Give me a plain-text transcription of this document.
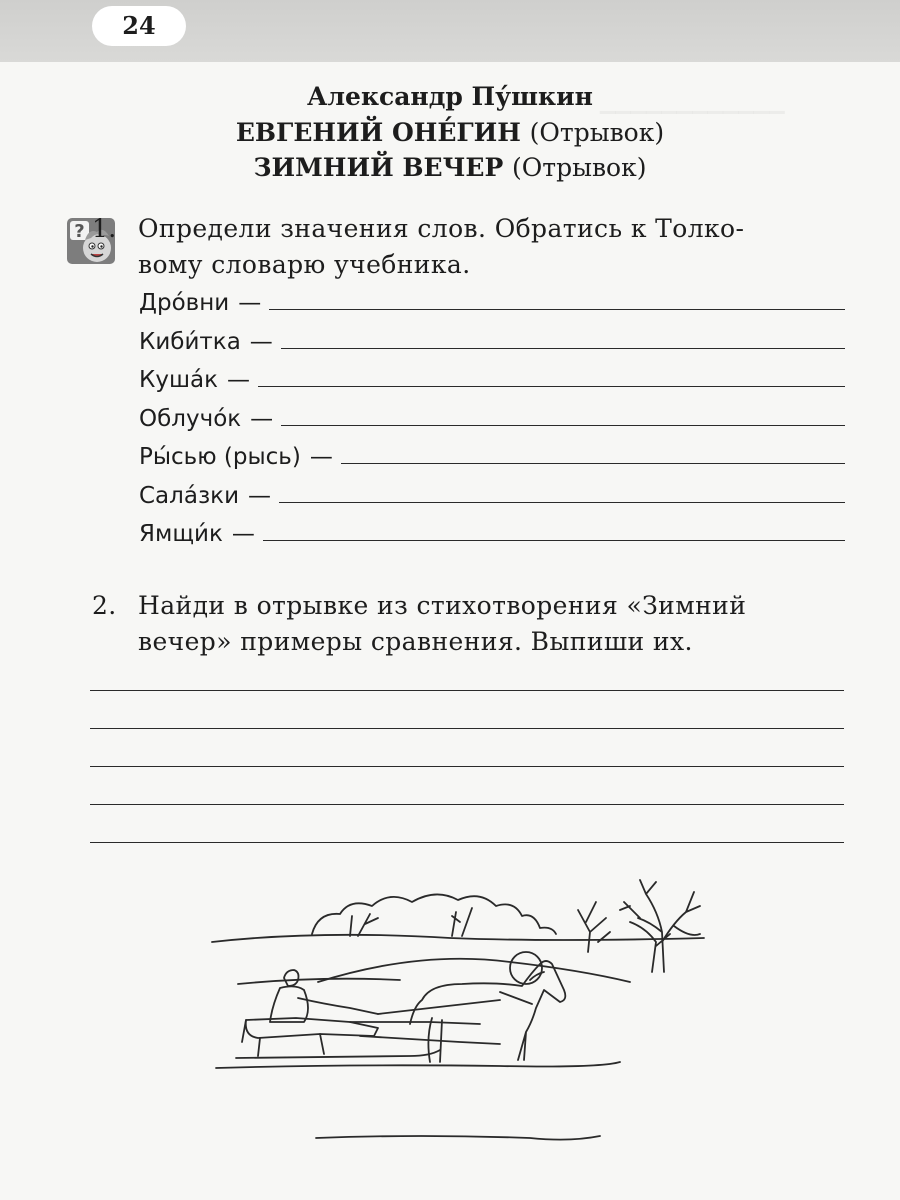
24
Александр Пу́шкин
ЕВГЕНИЙ ОНЕ́ГИН (Отрывок)
ЗИМНИЙ ВЕЧЕР (Отрывок)
? 1. Определи значения слов. Обратись к Толко-
вому словарю учебника.
Дро́вни —
Киби́тка —
Куша́к —
Облучо́к —
Ры́сью (рысь) —
Сала́зки —
Ямщи́к —
2. Найди в отрывке из стихотворения «Зимний
вечер» примеры сравнения. Выпиши их.
